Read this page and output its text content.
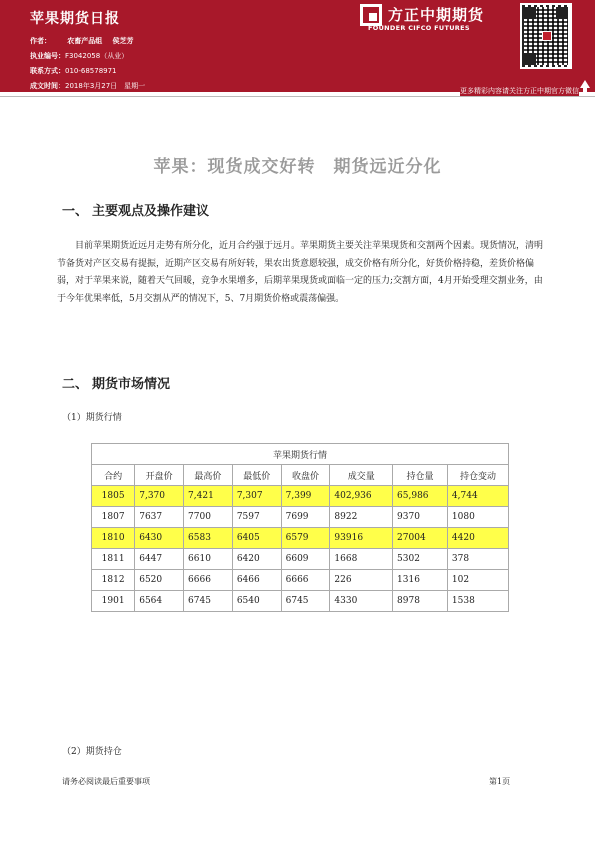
苹果期货日报
作者： 农畜产品组 侯芝芳
执业编号：F3042058（从业）
联系方式：010-68578971
成文时间：2018年3月27日　星期一
方正中期期货
FOUNDER CIFCO FUTURES
更多精彩内容请关注方正中期官方微信
苹果：现货成交好转　期货远近分化
一、 主要观点及操作建议
目前苹果期货近远月走势有所分化，近月合约强于远月。苹果期货主要关注苹果现货和交割两个因素。现货情况，清明节备货对产区交易有提振，近期产区交易有所好转，果农出货意愿较强，成交价格有所分化，好货价格持稳，差货价格偏弱，对于苹果来说，随着天气回暖，竞争水果增多，后期苹果现货或面临一定的压力;交割方面，4月开始受理交割业务，由于今年优果率低，5月交割从严的情况下，5、7月期货价格或震荡偏强。
二、 期货市场情况
（1）期货行情
苹果期货行情							
合约	开盘价	最高价	最低价	收盘价	成交量	持仓量	持仓变动
1805	7,370	7,421	7,307	7,399	402,936	65,986	4,744
1807	7637	7700	7597	7699	8922	9370	1080
1810	6430	6583	6405	6579	93916	27004	4420
1811	6447	6610	6420	6609	1668	5302	378
1812	6520	6666	6466	6666	226	1316	102
1901	6564	6745	6540	6745	4330	8978	1538
（2）期货持仓
请务必阅读最后重要事项	第1页
